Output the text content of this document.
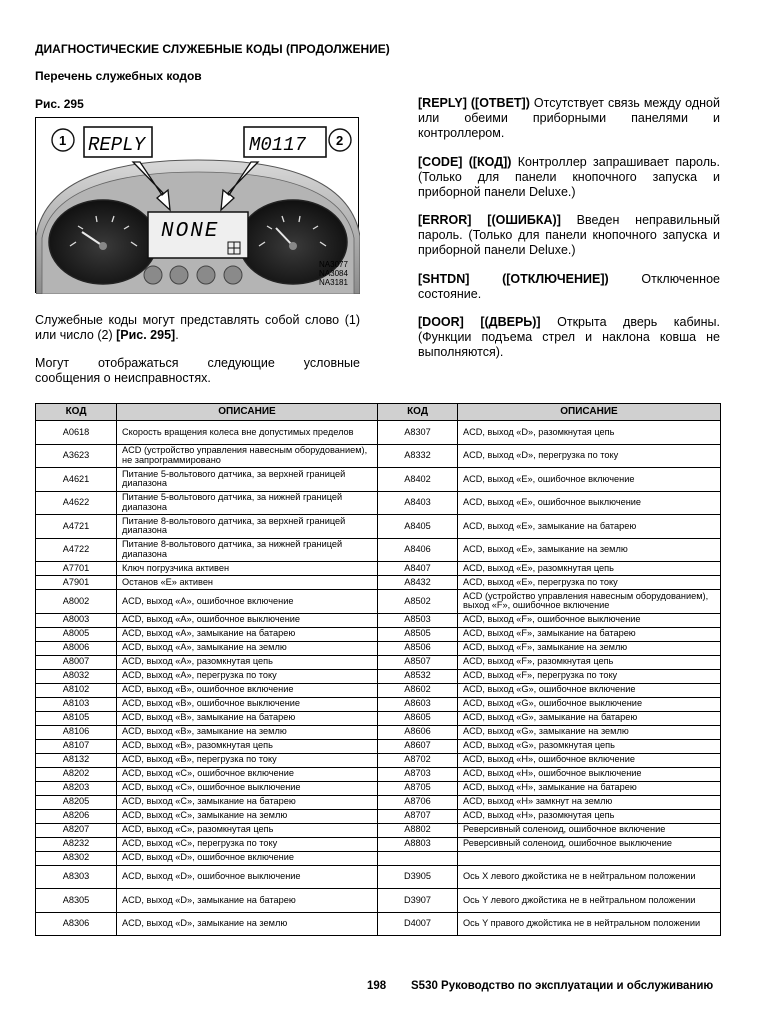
ДИАГНОСТИЧЕСКИЕ СЛУЖЕБНЫЕ КОДЫ (ПРОДОЛЖЕНИЕ)
Перечень служебных кодов
Рис. 295
NONE
REPLY	M0117
1	2
NA3077
NA3084
NA3181
Служебные коды могут представлять собой слово (1) или число (2) [Рис. 295].
Могут отображаться следующие условные
сообщения о неисправностях.
[REPLY] ([ОТВЕТ]) Отсутствует связь между одной или обеими приборными панелями и контроллером.
[CODE] ([КОД]) Контроллер запрашивает пароль. (Только для панели кнопочного запуска и приборной панели Deluxe.)
[ERROR] [(ОШИБКА)] Введен неправильный пароль. (Только для панели кнопочного запуска и приборной панели Deluxe.)
[SHTDN] ([ОТКЛЮЧЕНИЕ]) Отключенное состояние.
[DOOR] [(ДВЕРЬ)] Открыта дверь кабины. (Функции подъема стрел и наклона ковша не выполняются).
КОД	ОПИСАНИЕ	КОД	ОПИСАНИЕ
A0618	Скорость вращения колеса вне допустимых пределов	A8307	ACD, выход «D», разомкнутая цепь
A3623	ACD (устройство управления навесным оборудованием), не запрограммировано	A8332	ACD, выход «D», перегрузка по току
A4621	Питание 5-вольтового датчика, за верхней границей диапазона	A8402	ACD, выход «E», ошибочное включение
A4622	Питание 5-вольтового датчика, за нижней границей диапазона	A8403	ACD, выход «E», ошибочное выключение
A4721	Питание 8-вольтового датчика, за верхней границей диапазона	A8405	ACD, выход «E», замыкание на батарею
A4722	Питание 8-вольтового датчика, за нижней границей диапазона	A8406	ACD, выход «E», замыкание на землю
A7701	Ключ погрузчика активен	A8407	ACD, выход «E», разомкнутая цепь
A7901	Останов «E» активен	A8432	ACD, выход «E», перегрузка по току
A8002	ACD, выход «A», ошибочное включение	A8502	ACD (устройство управления навесным оборудованием), выход «F», ошибочное включение
A8003	ACD, выход «A», ошибочное выключение	A8503	ACD, выход «F», ошибочное выключение
A8005	ACD, выход «A», замыкание на батарею	A8505	ACD, выход «F», замыкание на батарею
A8006	ACD, выход «A», замыкание на землю	A8506	ACD, выход «F», замыкание на землю
A8007	ACD, выход «A», разомкнутая цепь	A8507	ACD, выход «F», разомкнутая цепь
A8032	ACD, выход «A», перегрузка по току	A8532	ACD, выход «F», перегрузка по току
A8102	ACD, выход «B», ошибочное включение	A8602	ACD, выход «G», ошибочное включение
A8103	ACD, выход «B», ошибочное выключение	A8603	ACD, выход «G», ошибочное выключение
A8105	ACD, выход «B», замыкание на батарею	A8605	ACD, выход «G», замыкание на батарею
A8106	ACD, выход «B», замыкание на землю	A8606	ACD, выход «G», замыкание на землю
A8107	ACD, выход «B», разомкнутая цепь	A8607	ACD, выход «G», разомкнутая цепь
A8132	ACD, выход «B», перегрузка по току	A8702	ACD, выход «H», ошибочное включение
A8202	ACD, выход «C», ошибочное включение	A8703	ACD, выход «H», ошибочное выключение
A8203	ACD, выход «C», ошибочное выключение	A8705	ACD, выход «H», замыкание на батарею
A8205	ACD, выход «C», замыкание на батарею	A8706	ACD, выход «H» замкнут на землю
A8206	ACD, выход «C», замыкание на землю	A8707	ACD, выход «H», разомкнутая цепь
A8207	ACD, выход «C», разомкнутая цепь	A8802	Реверсивный соленоид, ошибочное включение
A8232	ACD, выход «C», перегрузка по току	A8803	Реверсивный соленоид, ошибочное выключение
A8302	ACD, выход «D», ошибочное включение		
A8303	ACD, выход «D», ошибочное выключение	D3905	Ось X левого джойстика не в нейтральном положении
A8305	ACD, выход «D», замыкание на батарею	D3907	Ось Y левого джойстика не в нейтральном положении
A8306	ACD, выход «D», замыкание на землю	D4007	Ось Y правого джойстика не в нейтральном положении
198 S530 Руководство по эксплуатации и обслуживанию
